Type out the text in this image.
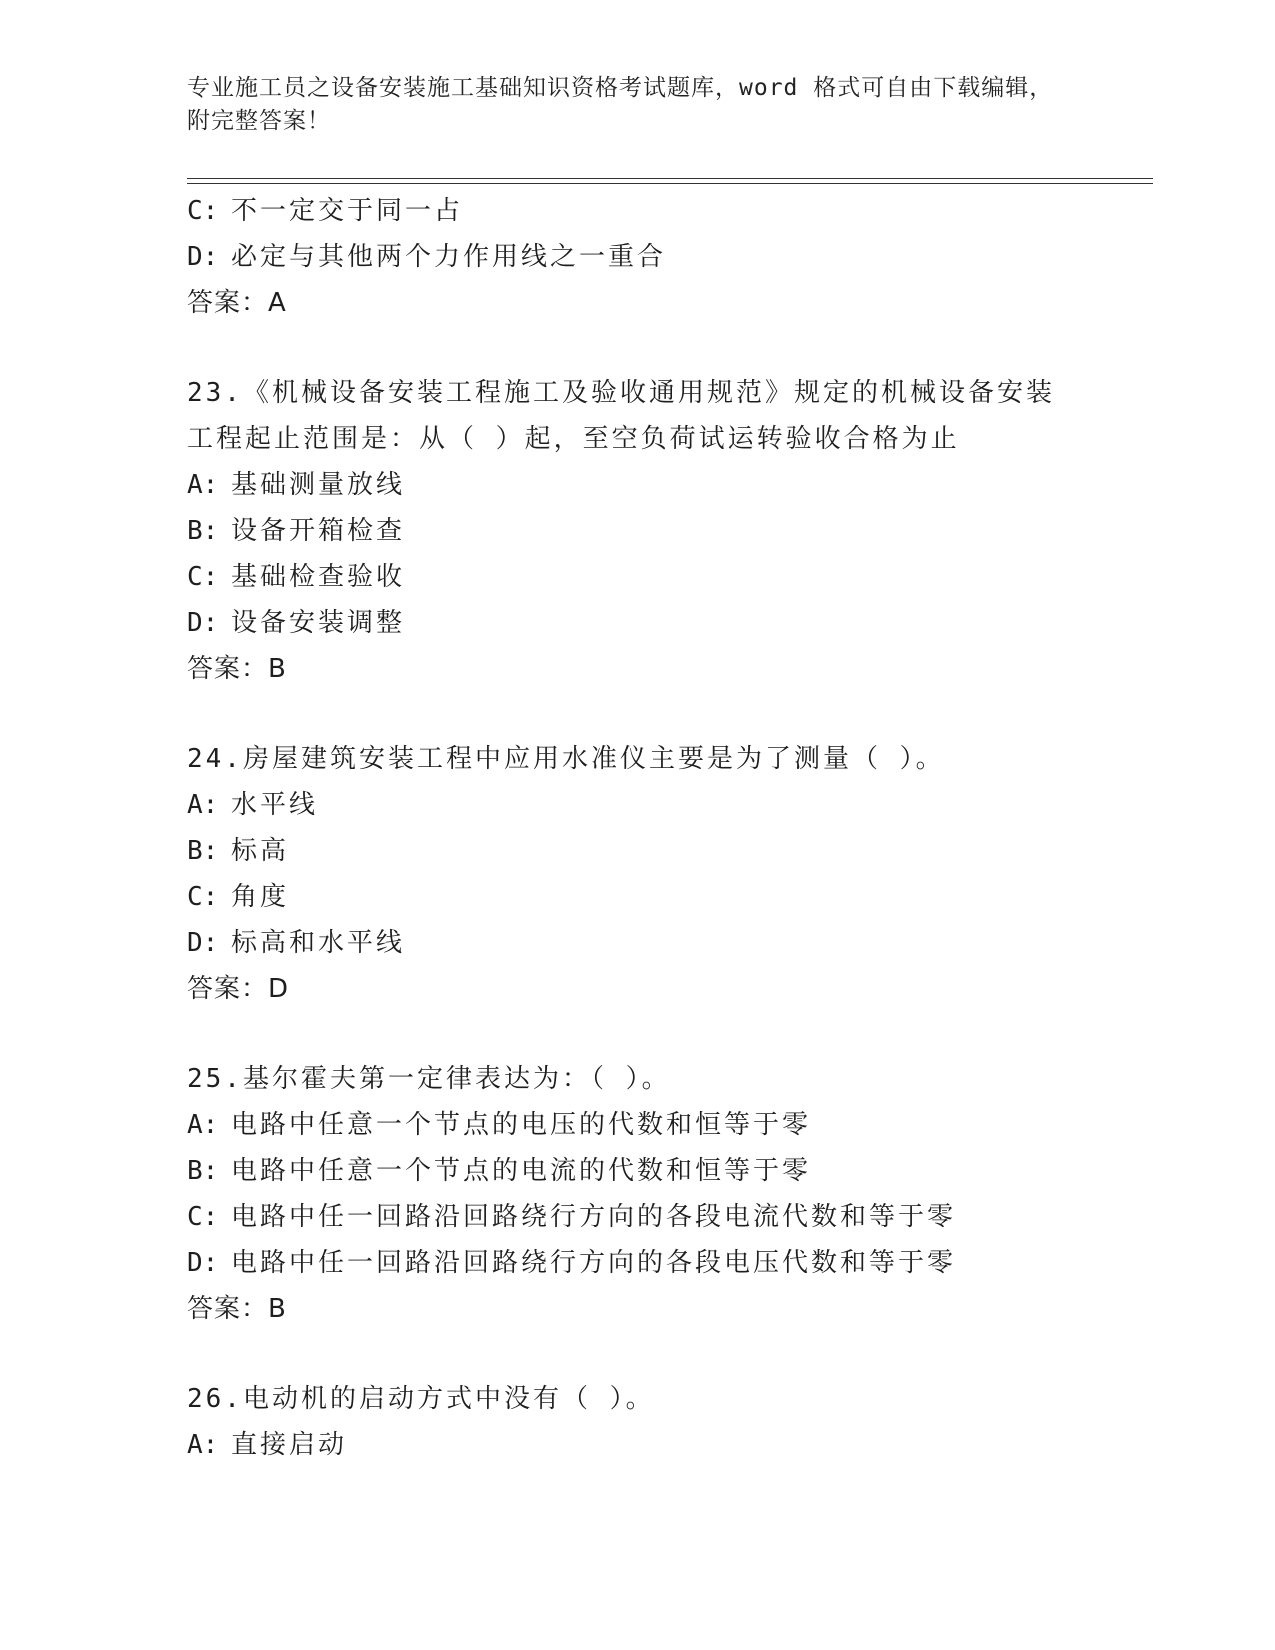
专业施工员之设备安装施工基础知识资格考试题库，word 格式可自由下载编辑，附完整答案！
C: 不一定交于同一占
D: 必定与其他两个力作用线之一重合
答案：A
23.《机械设备安装工程施工及验收通用规范》规定的机械设备安装工程起止范围是：从（ ）起，至空负荷试运转验收合格为止
A: 基础测量放线
B: 设备开箱检查
C: 基础检查验收
D: 设备安装调整
答案：B
24.房屋建筑安装工程中应用水准仪主要是为了测量（ ）。
A: 水平线
B: 标高
C: 角度
D: 标高和水平线
答案：D
25.基尔霍夫第一定律表达为：（ ）。
A: 电路中任意一个节点的电压的代数和恒等于零
B: 电路中任意一个节点的电流的代数和恒等于零
C: 电路中任一回路沿回路绕行方向的各段电流代数和等于零
D: 电路中任一回路沿回路绕行方向的各段电压代数和等于零
答案：B
26.电动机的启动方式中没有（ ）。
A: 直接启动
